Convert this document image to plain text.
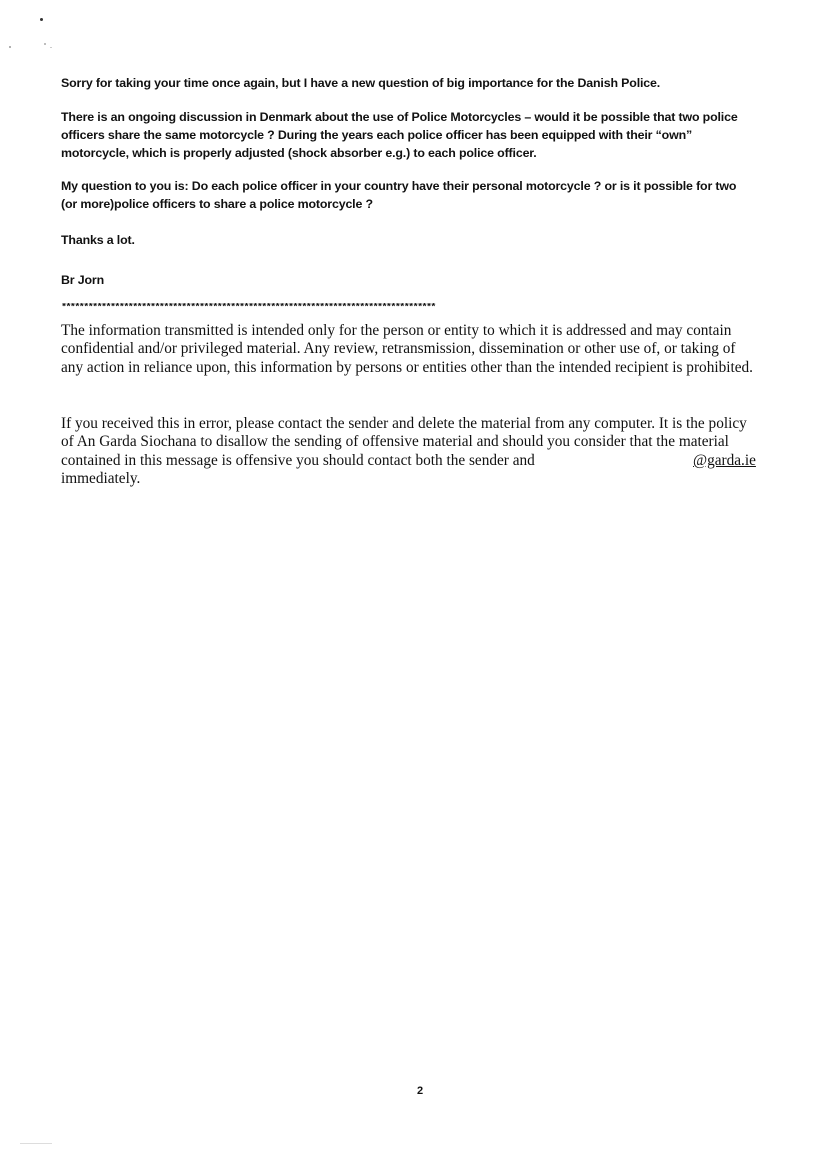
Sorry for taking your time once again, but I have a new question of big importance for the Danish Police.

There is an ongoing discussion in Denmark about the use of Police Motorcycles – would it be possible that two police officers share the same motorcycle ? During the years each police officer has been equipped with their “own” motorcycle, which is properly adjusted (shock absorber e.g.) to each police officer.

My question to you is: Do each police officer in your country have their personal motorcycle ? or is it possible for two (or more)police officers to share a police motorcycle ?

Thanks a lot.

Br Jorn

************************************************************************************

The information transmitted is intended only for the person or entity to which it is addressed and may contain confidential and/or privileged material. Any review, retransmission, dissemination or other use of, or taking of any action in reliance upon, this information by persons or entities other than the intended recipient is prohibited.

If you received this in error, please contact the sender and delete the material from any computer. It is the policy of An Garda Siochana to disallow the sending of offensive material and should you consider that the material contained in this message is offensive you should contact both the sender and	@garda.ie

immediately.
2
